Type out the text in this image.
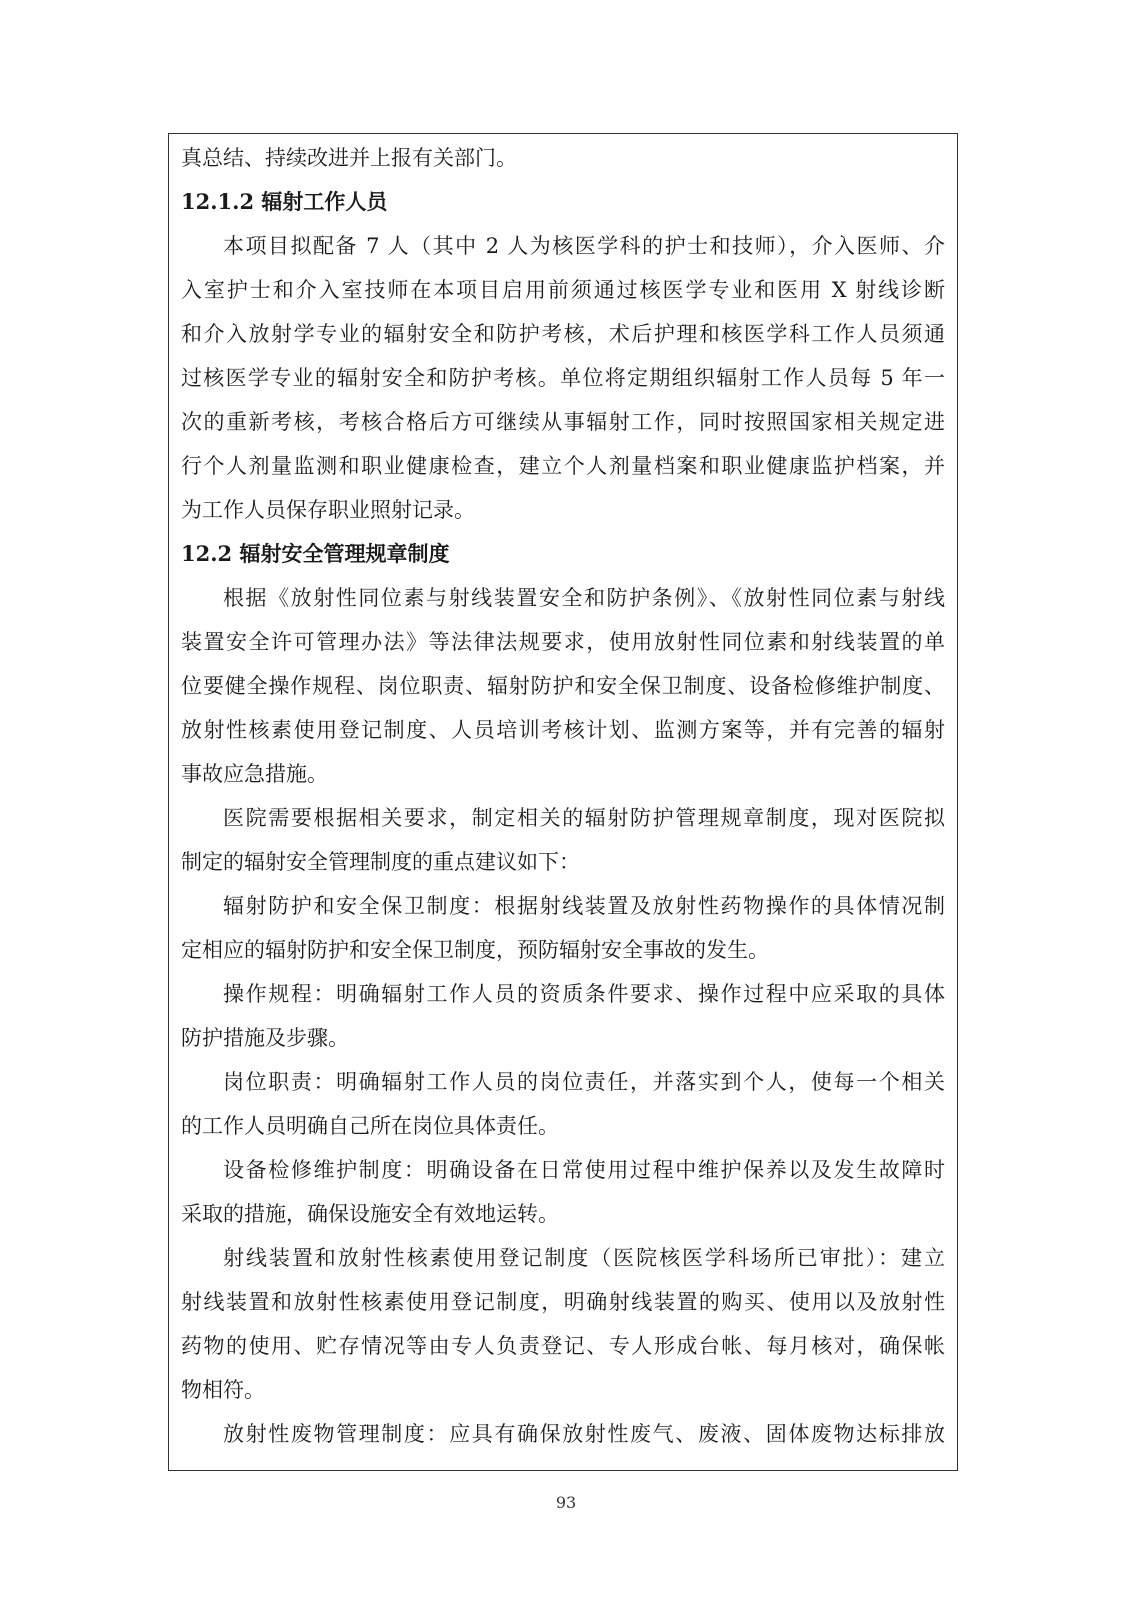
真总结、持续改进并上报有关部门。
12.1.2 辐射工作人员
本项目拟配备 7 人（其中 2 人为核医学科的护士和技师），介入医师、介
入室护士和介入室技师在本项目启用前须通过核医学专业和医用 X 射线诊断
和介入放射学专业的辐射安全和防护考核，术后护理和核医学科工作人员须通
过核医学专业的辐射安全和防护考核。单位将定期组织辐射工作人员每 5 年一
次的重新考核，考核合格后方可继续从事辐射工作，同时按照国家相关规定进
行个人剂量监测和职业健康检查，建立个人剂量档案和职业健康监护档案，并
为工作人员保存职业照射记录。
12.2 辐射安全管理规章制度
根据《放射性同位素与射线装置安全和防护条例》、《放射性同位素与射线
装置安全许可管理办法》等法律法规要求，使用放射性同位素和射线装置的单
位要健全操作规程、岗位职责、辐射防护和安全保卫制度、设备检修维护制度、
放射性核素使用登记制度、人员培训考核计划、监测方案等，并有完善的辐射
事故应急措施。
医院需要根据相关要求，制定相关的辐射防护管理规章制度，现对医院拟
制定的辐射安全管理制度的重点建议如下：
辐射防护和安全保卫制度：根据射线装置及放射性药物操作的具体情况制
定相应的辐射防护和安全保卫制度，预防辐射安全事故的发生。
操作规程：明确辐射工作人员的资质条件要求、操作过程中应采取的具体
防护措施及步骤。
岗位职责：明确辐射工作人员的岗位责任，并落实到个人，使每一个相关
的工作人员明确自己所在岗位具体责任。
设备检修维护制度：明确设备在日常使用过程中维护保养以及发生故障时
采取的措施，确保设施安全有效地运转。
射线装置和放射性核素使用登记制度（医院核医学科场所已审批）：建立
射线装置和放射性核素使用登记制度，明确射线装置的购买、使用以及放射性
药物的使用、贮存情况等由专人负责登记、专人形成台帐、每月核对，确保帐
物相符。
放射性废物管理制度：应具有确保放射性废气、废液、固体废物达标排放
93
